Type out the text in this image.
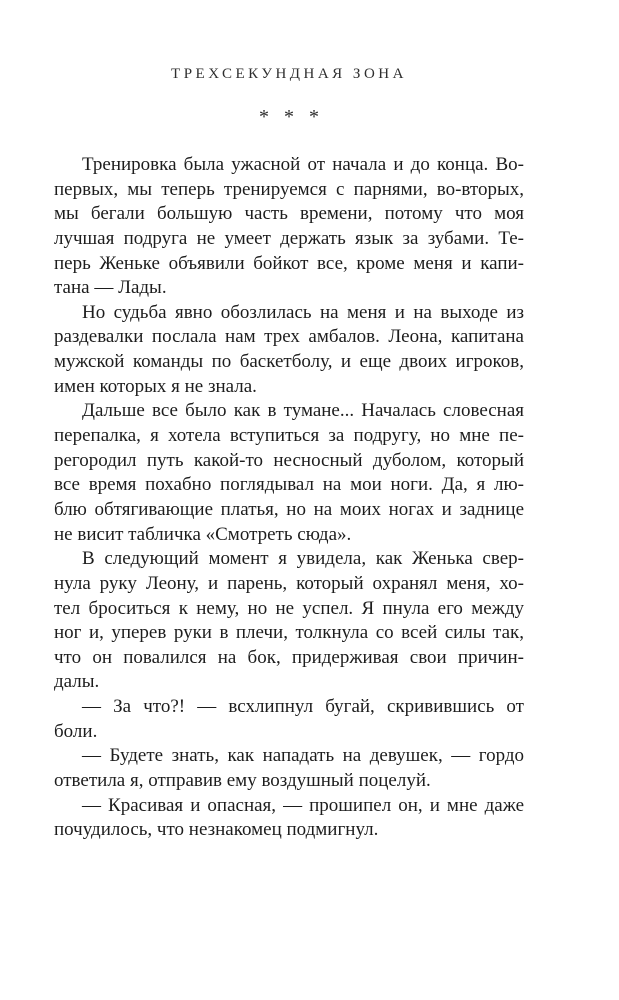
ТРЕХСЕКУНДНАЯ ЗОНА
* * *
Тренировка была ужасной от начала и до конца. Во-
первых, мы теперь тренируемся с парнями, во-вторых,
мы бегали большую часть времени, потому что моя
лучшая подруга не умеет держать язык за зубами. Те-
перь Женьке объявили бойкот все, кроме меня и капи-
тана — Лады.
Но судьба явно обозлилась на меня и на выходе из
раздевалки послала нам трех амбалов. Леона, капитана
мужской команды по баскетболу, и еще двоих игроков,
имен которых я не знала.
Дальше все было как в тумане... Началась словесная
перепалка, я хотела вступиться за подругу, но мне пе-
регородил путь какой-то несносный дуболом, который
все время похабно поглядывал на мои ноги. Да, я лю-
блю обтягивающие платья, но на моих ногах и заднице
не висит табличка «Смотреть сюда».
В следующий момент я увидела, как Женька свер-
нула руку Леону, и парень, который охранял меня, хо-
тел броситься к нему, но не успел. Я пнула его между
ног и, уперев руки в плечи, толкнула со всей силы так,
что он повалился на бок, придерживая свои причин-
далы.
— За что?! — всхлипнул бугай, скривившись от
боли.
— Будете знать, как нападать на девушек, — гордо
ответила я, отправив ему воздушный поцелуй.
— Красивая и опасная, — прошипел он, и мне даже
почудилось, что незнакомец подмигнул.
